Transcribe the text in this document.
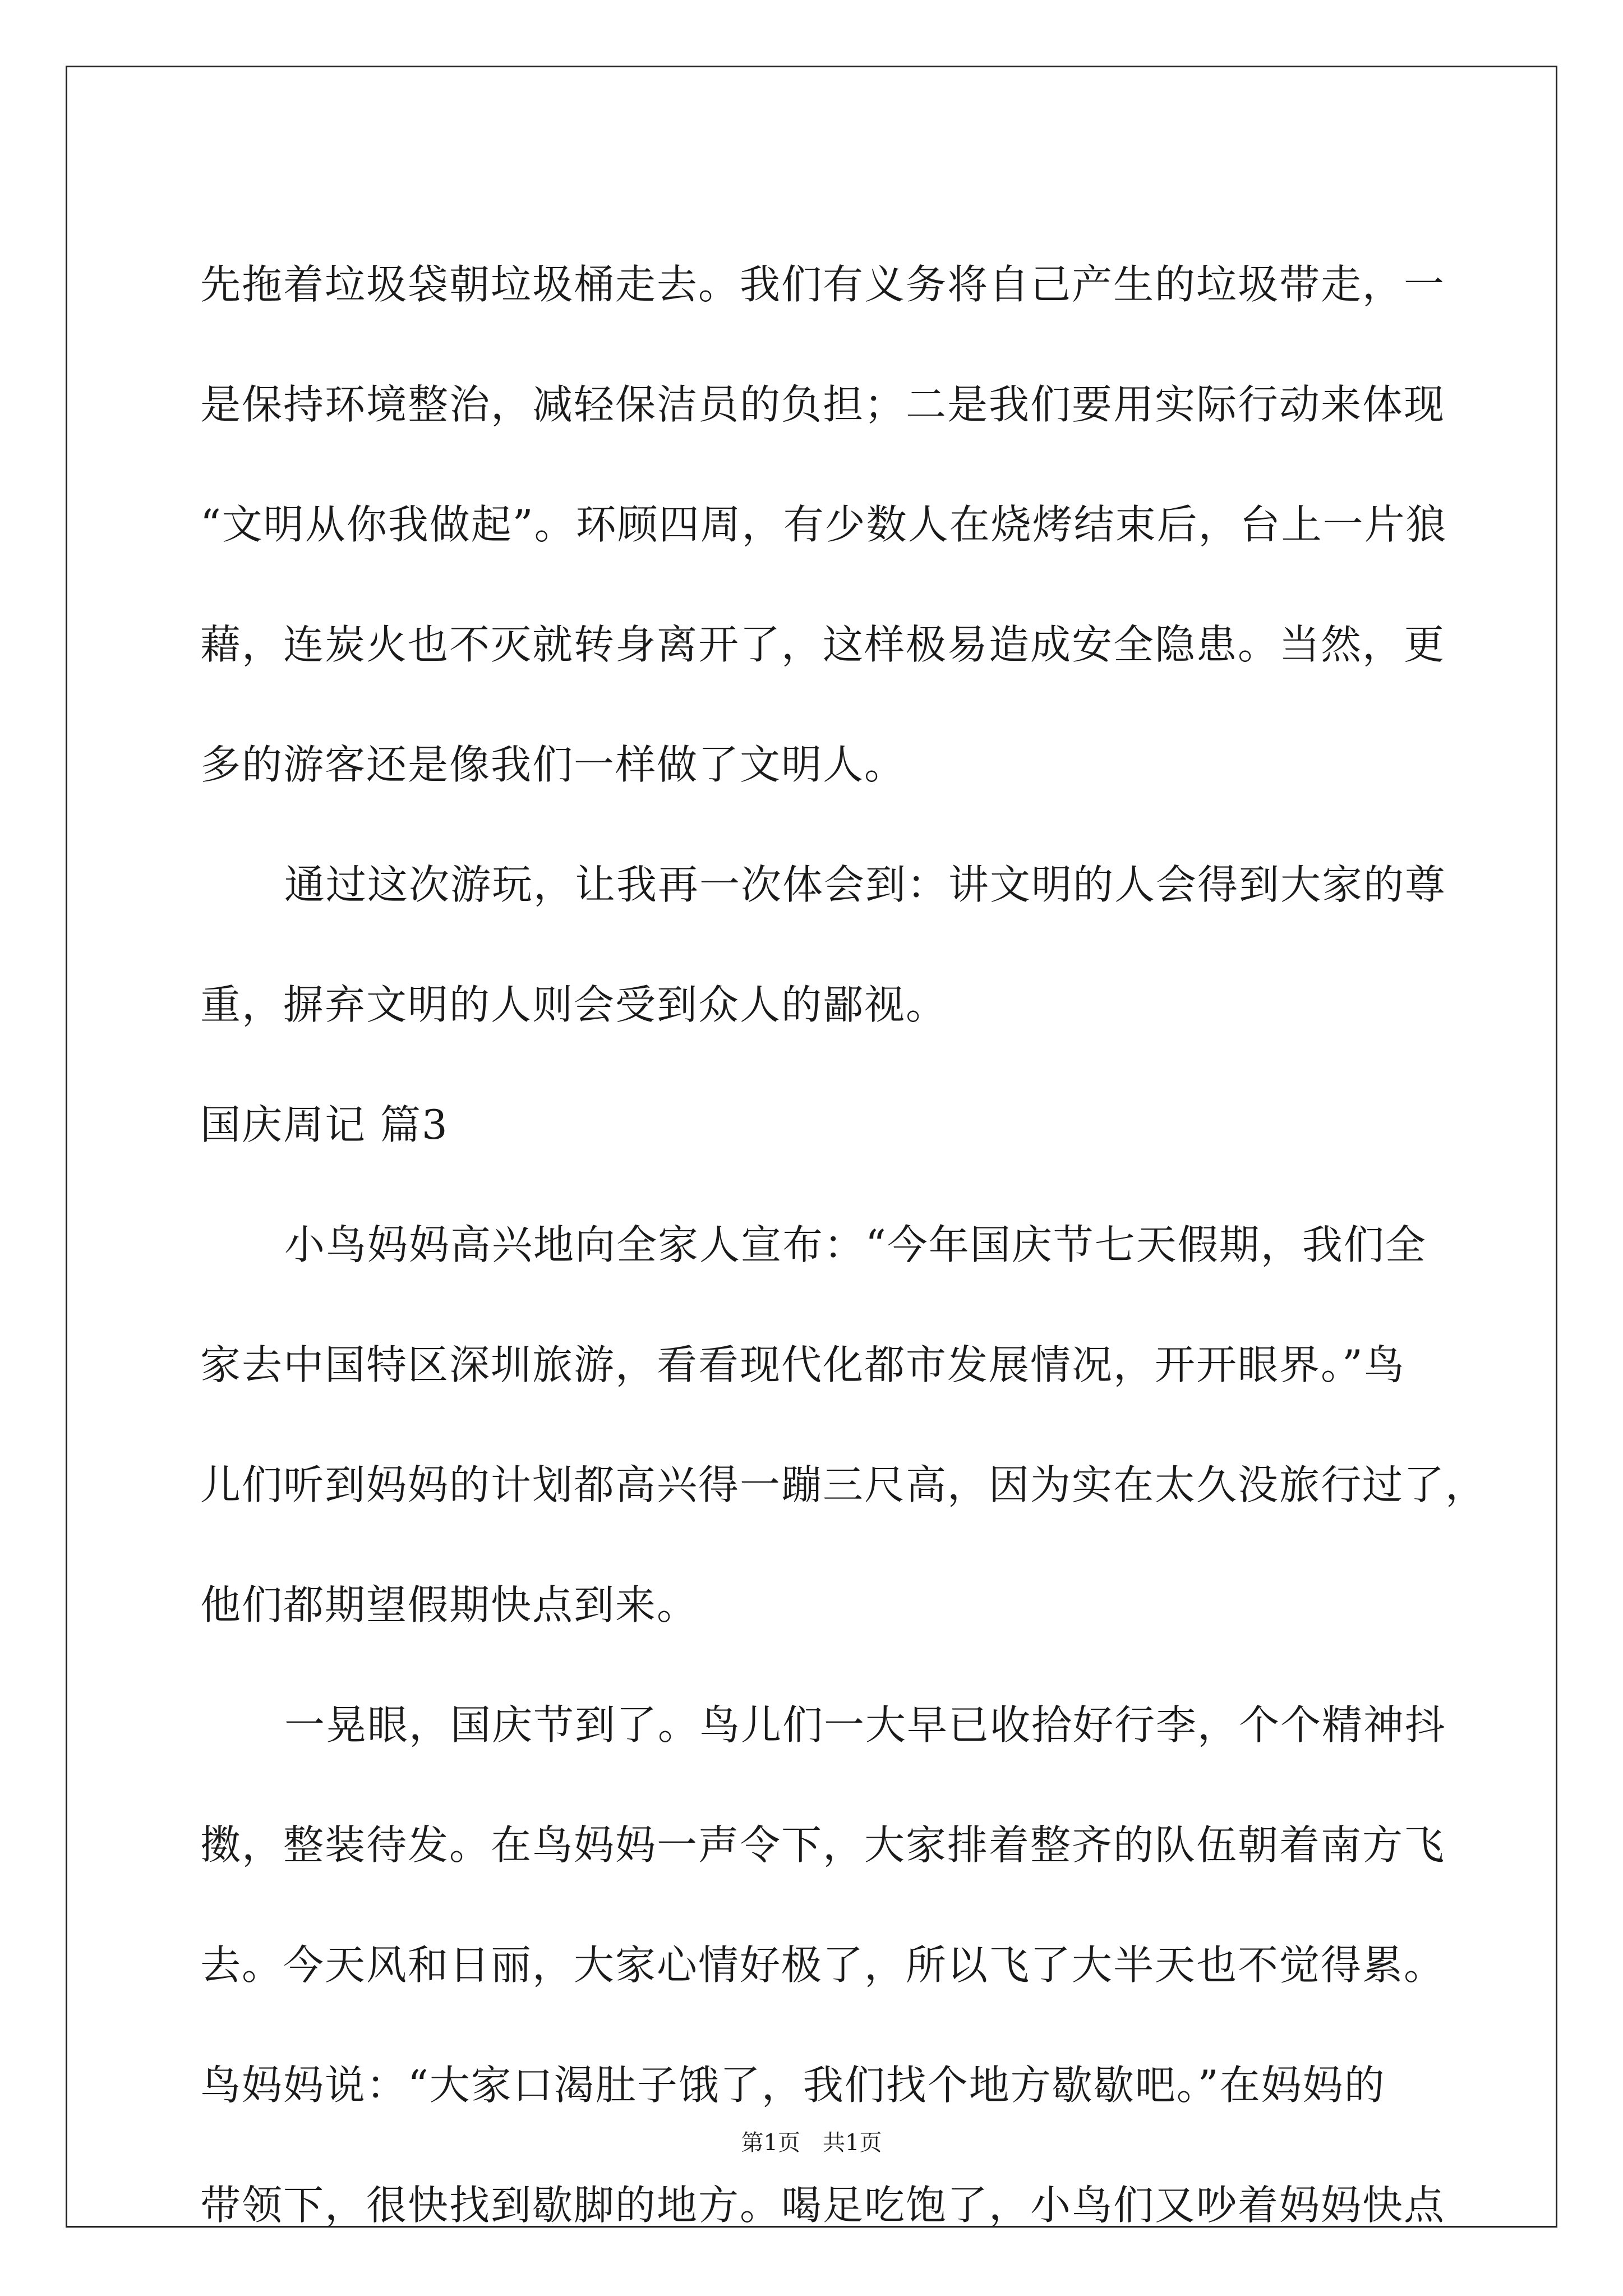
先拖着垃圾袋朝垃圾桶走去。我们有义务将自己产生的垃圾带走，一
是保持环境整治，减轻保洁员的负担；二是我们要用实际行动来体现
“文明从你我做起”。环顾四周，有少数人在烧烤结束后，台上一片狼
藉，连炭火也不灭就转身离开了，这样极易造成安全隐患。当然，更
多的游客还是像我们一样做了文明人。
通过这次游玩，让我再一次体会到：讲文明的人会得到大家的尊
重，摒弃文明的人则会受到众人的鄙视。
国庆周记 篇3
小鸟妈妈高兴地向全家人宣布：“今年国庆节七天假期，我们全
家去中国特区深圳旅游，看看现代化都市发展情况，开开眼界。”鸟
儿们听到妈妈的计划都高兴得一蹦三尺高，因为实在太久没旅行过了，
他们都期望假期快点到来。
一晃眼，国庆节到了。鸟儿们一大早已收拾好行李，个个精神抖
擞，整装待发。在鸟妈妈一声令下，大家排着整齐的队伍朝着南方飞
去。今天风和日丽，大家心情好极了，所以飞了大半天也不觉得累。
鸟妈妈说：“大家口渴肚子饿了，我们找个地方歇歇吧。”在妈妈的
带领下，很快找到歇脚的地方。喝足吃饱了，小鸟们又吵着妈妈快点
第1页 共1页
